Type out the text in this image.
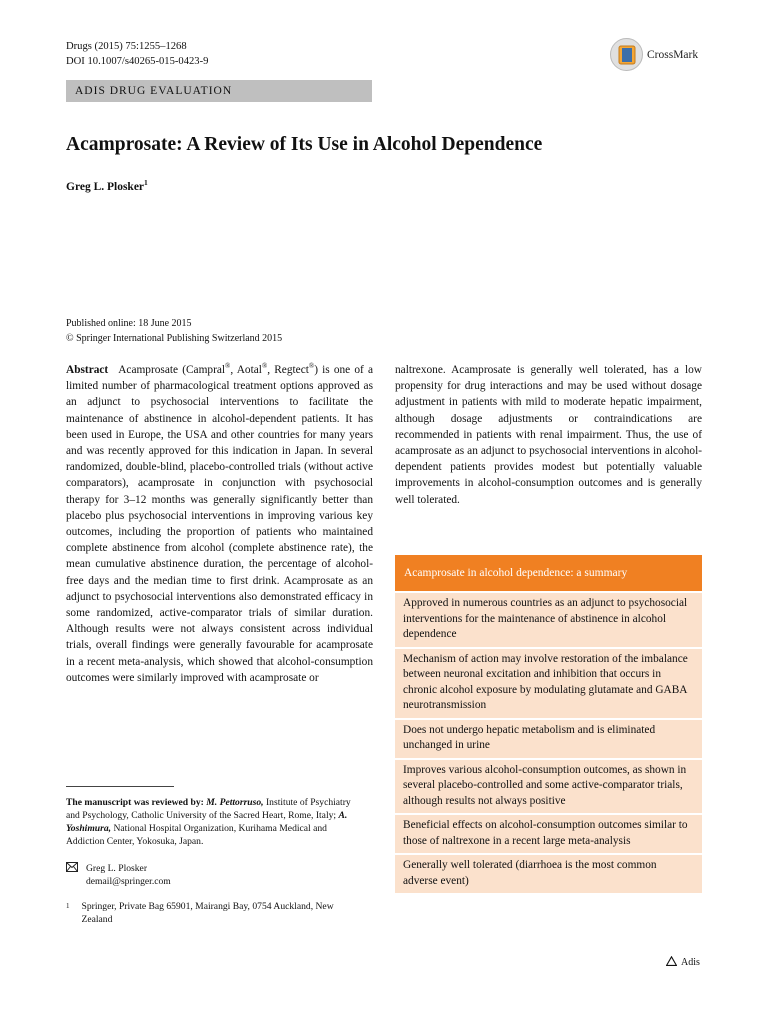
Drugs (2015) 75:1255–1268
DOI 10.1007/s40265-015-0423-9
CrossMark
ADIS DRUG EVALUATION
Acamprosate: A Review of Its Use in Alcohol Dependence
Greg L. Plosker$^1$
Published online: 18 June 2015
© Springer International Publishing Switzerland 2015
Abstract Acamprosate (Campral®, Aotal®, Regtect®) is one of a limited number of pharmacological treatment options approved as an adjunct to psychosocial interventions to facilitate the maintenance of abstinence in alcohol-dependent patients. It has been used in Europe, the USA and other countries for many years and was recently approved for this indication in Japan. In several randomized, double-blind, placebo-controlled trials (without active comparators), acamprosate in conjunction with psychosocial therapy for 3–12 months was generally significantly better than placebo plus psychosocial interventions in improving various key outcomes, including the proportion of patients who maintained complete abstinence from alcohol (complete abstinence rate), the mean cumulative abstinence duration, the percentage of alcohol-free days and the median time to first drink. Acamprosate as an adjunct to psychosocial interventions also demonstrated efficacy in some randomized, active-comparator trials of similar duration. Although results were not always consistent across individual trials, overall findings were generally favourable for acamprosate in a recent meta-analysis, which showed that alcohol-consumption outcomes were similarly improved with acamprosate or
naltrexone. Acamprosate is generally well tolerated, has a low propensity for drug interactions and may be used without dosage adjustment in patients with mild to moderate hepatic impairment, although dosage adjustments or contraindications are recommended in patients with renal impairment. Thus, the use of acamprosate as an adjunct to psychosocial interventions in alcohol-dependent patients provides modest but potentially valuable improvements in alcohol-consumption outcomes and is generally well tolerated.
Acamprosate in alcohol dependence: a summary
Approved in numerous countries as an adjunct to psychosocial interventions for the maintenance of abstinence in alcohol dependence
Mechanism of action may involve restoration of the imbalance between neuronal excitation and inhibition that occurs in chronic alcohol exposure by modulating glutamate and GABA neurotransmission
Does not undergo hepatic metabolism and is eliminated unchanged in urine
Improves various alcohol-consumption outcomes, as shown in several placebo-controlled and some active-comparator trials, although results not always positive
Beneficial effects on alcohol-consumption outcomes similar to those of naltrexone in a recent large meta-analysis
Generally well tolerated (diarrhoea is the most common adverse event)
The manuscript was reviewed by: M. Pettorruso, Institute of Psychiatry and Psychology, Catholic University of the Sacred Heart, Rome, Italy; A. Yoshimura, National Hospital Organization, Kurihama Medical and Addiction Center, Yokosuka, Japan.
Greg L. Plosker
demail@springer.com
1 Springer, Private Bag 65901, Mairangi Bay, 0754 Auckland, New Zealand
Adis
